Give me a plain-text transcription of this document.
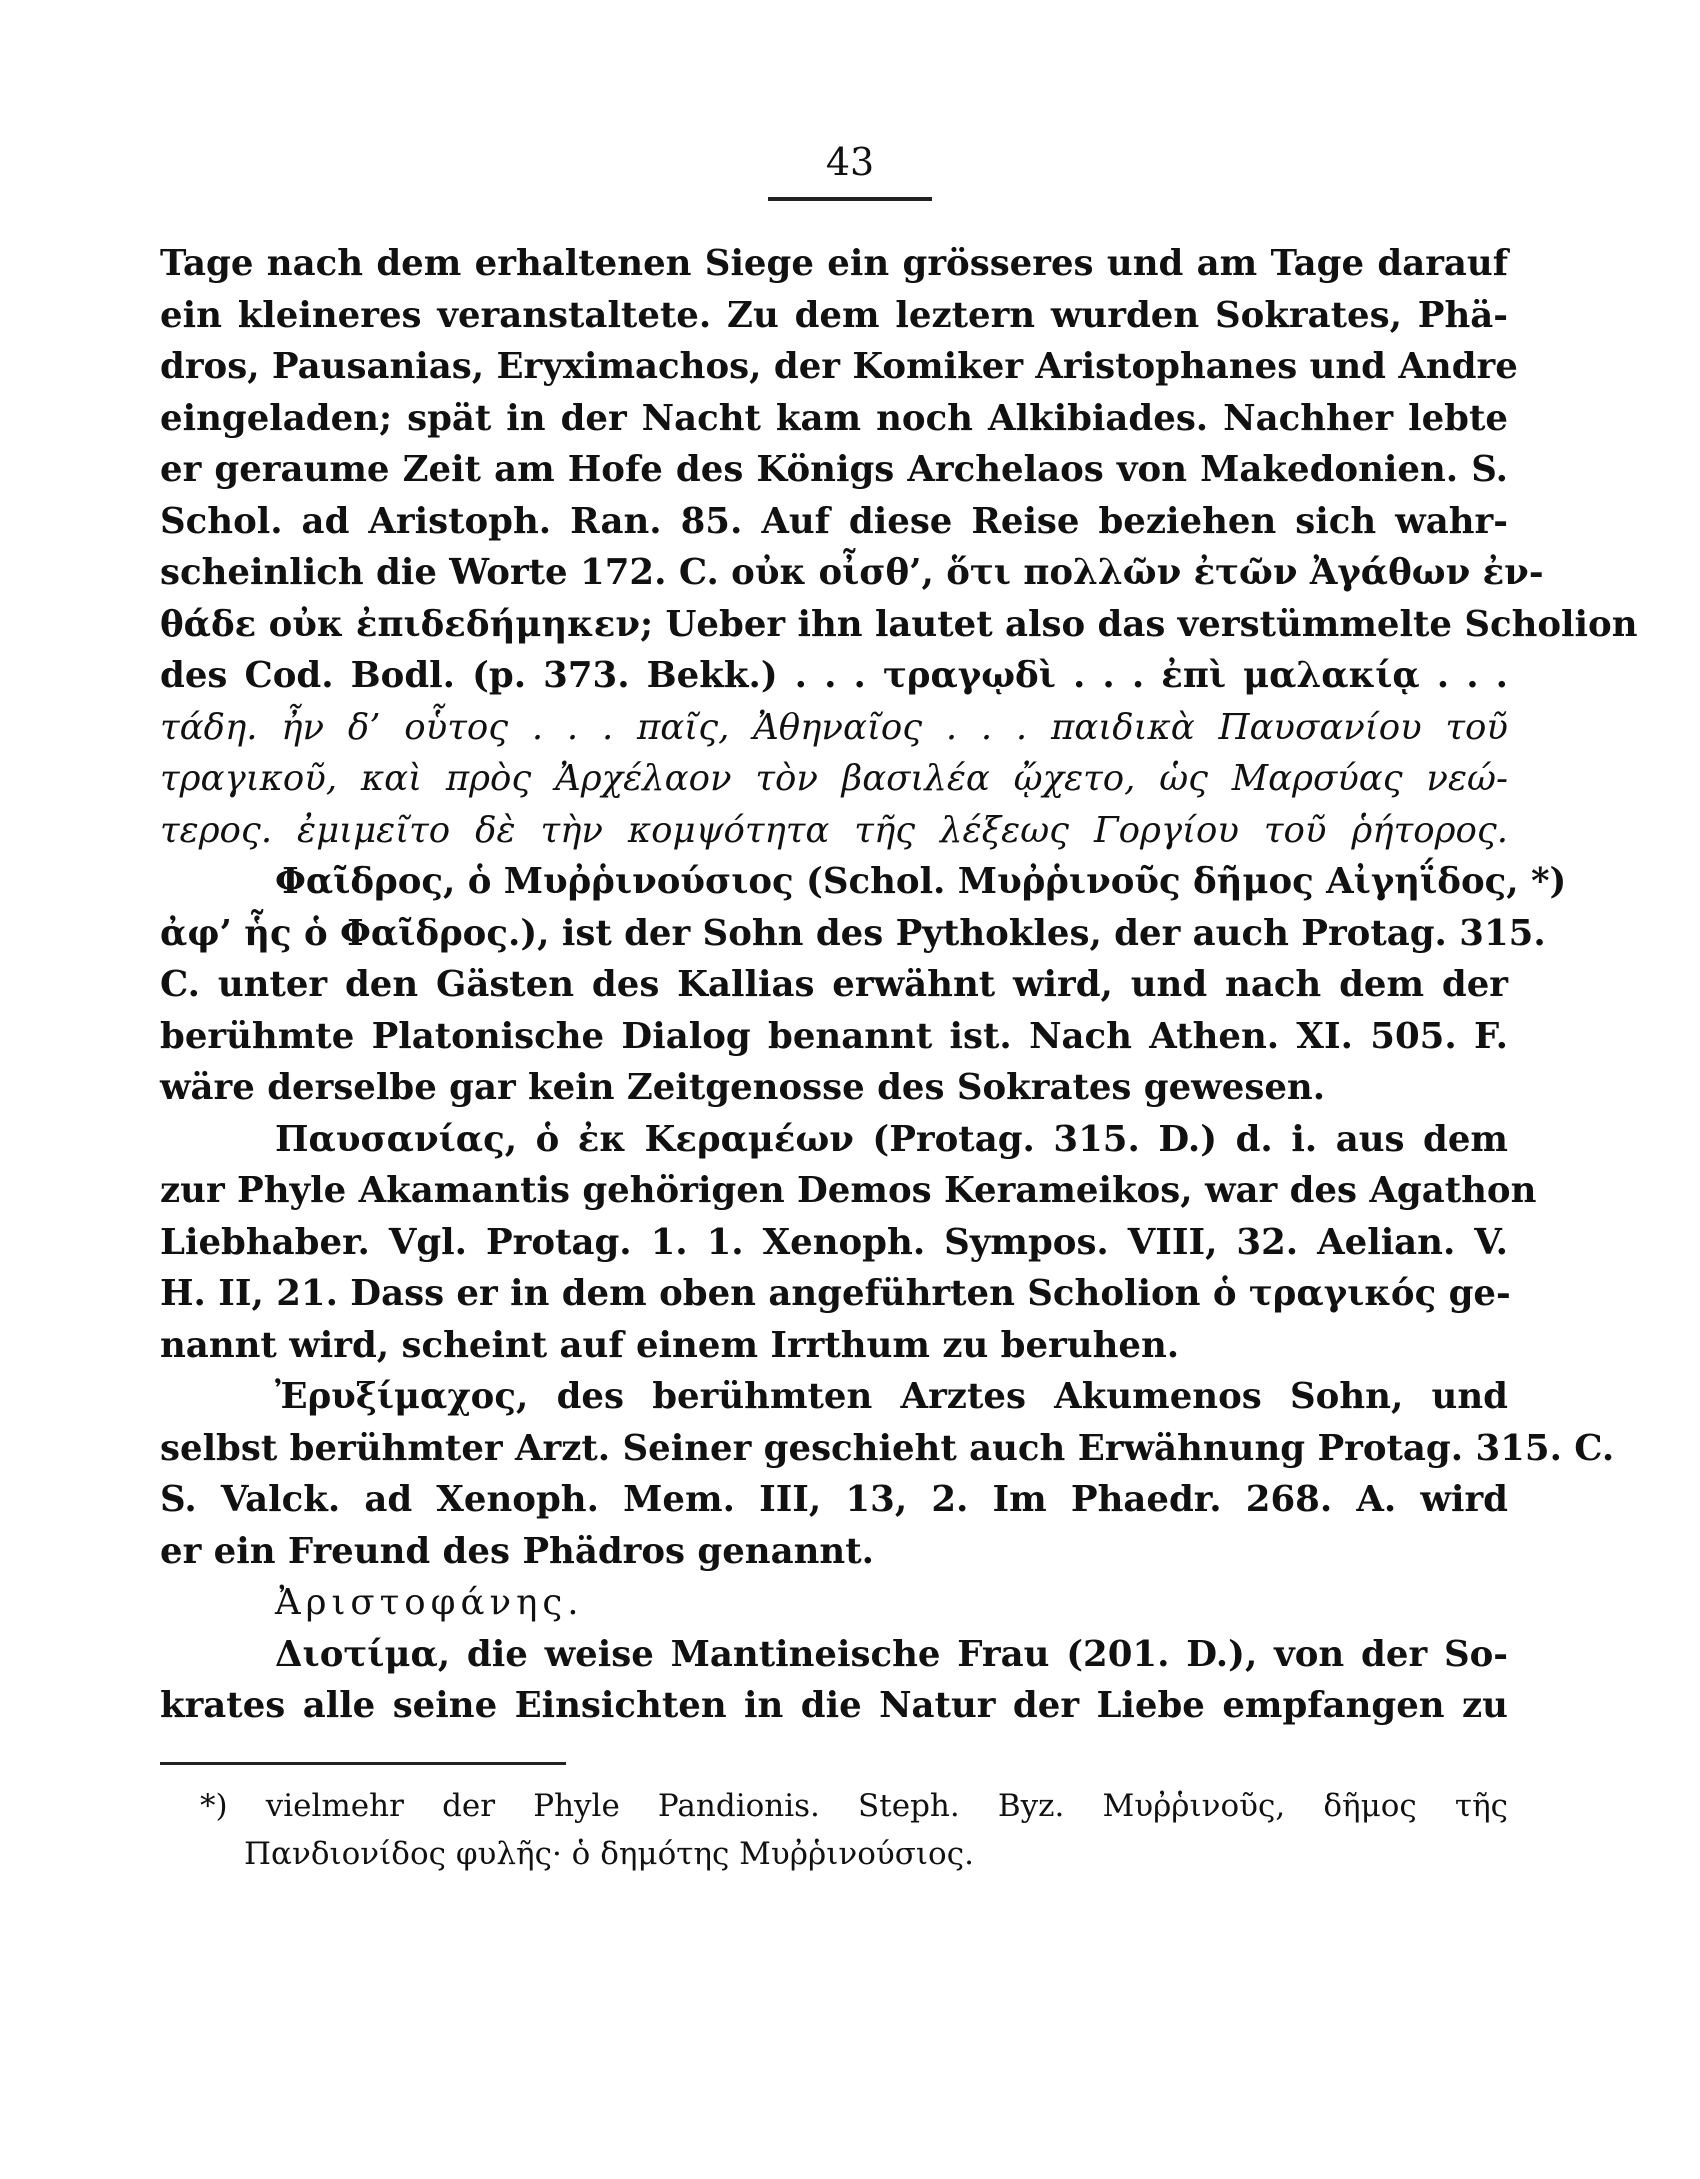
43
Tage nach dem erhaltenen Siege ein grösseres und am Tage darauf
ein kleineres veranstaltete. Zu dem leztern wurden Sokrates, Phä-
dros, Pausanias, Eryximachos, der Komiker Aristophanes und Andre
eingeladen; spät in der Nacht kam noch Alkibiades. Nachher lebte
er geraume Zeit am Hofe des Königs Archelaos von Makedonien. S.
Schol. ad Aristoph. Ran. 85. Auf diese Reise beziehen sich wahr-
scheinlich die Worte 172. C. οὐκ οἶσθ’, ὅτι πολλῶν ἐτῶν Ἀγάθων ἐν-
θάδε οὐκ ἐπιδεδήμηκεν; Ueber ihn lautet also das verstümmelte Scholion
des Cod. Bodl. (p. 373. Bekk.) . . . τραγῳδὶ . . . ἐπὶ μαλακίᾳ . . .
τάδη. ἦν δ’ οὗτος . . . παῖς, Ἀθηναῖος . . . παιδικὰ Παυσανίου τοῦ
τραγικοῦ, καὶ πρὸς Ἀρχέλαον τὸν βασιλέα ᾤχετο, ὡς Μαρσύας νεώ-
τερος. ἐμιμεῖτο δὲ τὴν κομψότητα τῆς λέξεως Γοργίου τοῦ ῥήτορος.
Φαῖδρος, ὁ Μυῤῥινούσιος (Schol. Μυῤῥινοῦς δῆμος Αἰγηΐδος, *)
ἀφ’ ἧς ὁ Φαῖδρος.), ist der Sohn des Pythokles, der auch Protag. 315.
C. unter den Gästen des Kallias erwähnt wird, und nach dem der
berühmte Platonische Dialog benannt ist. Nach Athen. XI. 505. F.
wäre derselbe gar kein Zeitgenosse des Sokrates gewesen.
Παυσανίας, ὁ ἐκ Κεραμέων (Protag. 315. D.) d. i. aus dem
zur Phyle Akamantis gehörigen Demos Kerameikos, war des Agathon
Liebhaber. Vgl. Protag. 1. 1. Xenoph. Sympos. VIII, 32. Aelian. V.
H. II, 21. Dass er in dem oben angeführten Scholion ὁ τραγικός ge-
nannt wird, scheint auf einem Irrthum zu beruhen.
Ἐρυξίμαχος, des berühmten Arztes Akumenos Sohn, und
selbst berühmter Arzt. Seiner geschieht auch Erwähnung Protag. 315. C.
S. Valck. ad Xenoph. Mem. III, 13, 2. Im Phaedr. 268. A. wird
er ein Freund des Phädros genannt.
Ἀριστοφάνης.
Διοτίμα, die weise Mantineische Frau (201. D.), von der So-
krates alle seine Einsichten in die Natur der Liebe empfangen zu
*) vielmehr der Phyle Pandionis. Steph. Byz. Μυῤῥινοῦς, δῆμος τῆς
Πανδιονίδος φυλῆς· ὁ δημότης Μυῤῥινούσιος.
